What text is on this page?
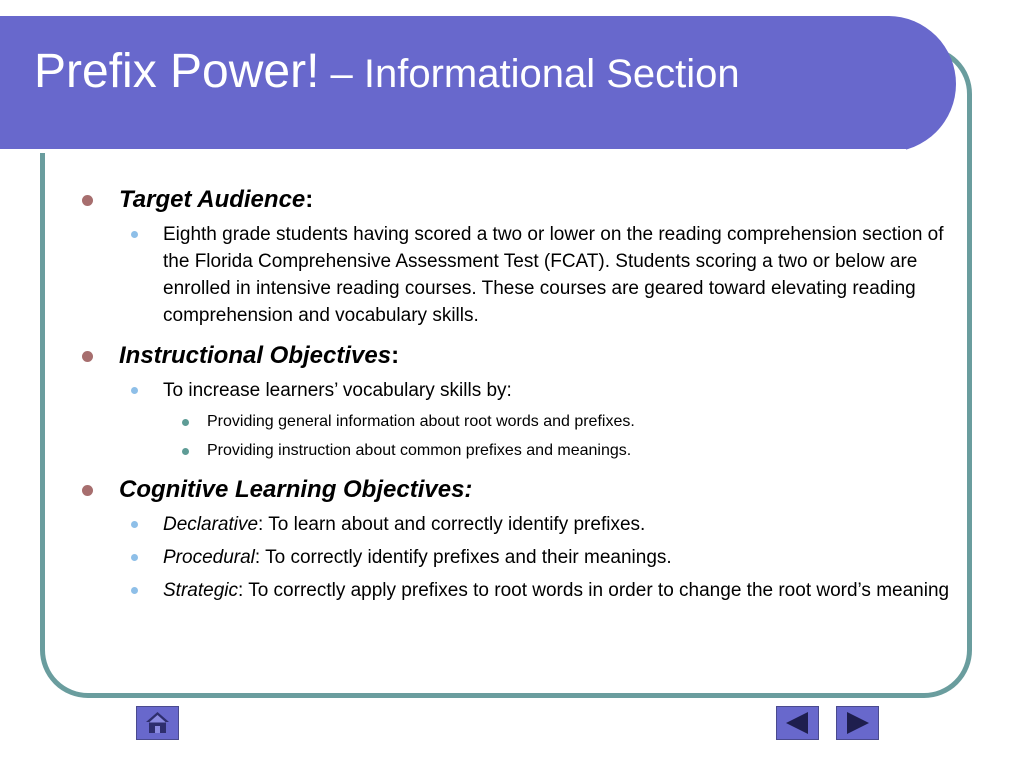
Prefix Power! – Informational Section
Target Audience:
Eighth grade students having scored a two or lower on the reading comprehension section of the Florida Comprehensive Assessment Test (FCAT). Students scoring a two or below are enrolled in intensive reading courses. These courses are geared toward elevating reading comprehension and vocabulary skills.
Instructional Objectives:
To increase learners’ vocabulary skills by:
Providing general information about root words and prefixes.
Providing instruction about common prefixes and meanings.
Cognitive Learning Objectives:
Declarative: To learn about and correctly identify prefixes.
Procedural: To correctly identify prefixes and their meanings.
Strategic: To correctly apply prefixes to root words in order to change the root word’s meaning
